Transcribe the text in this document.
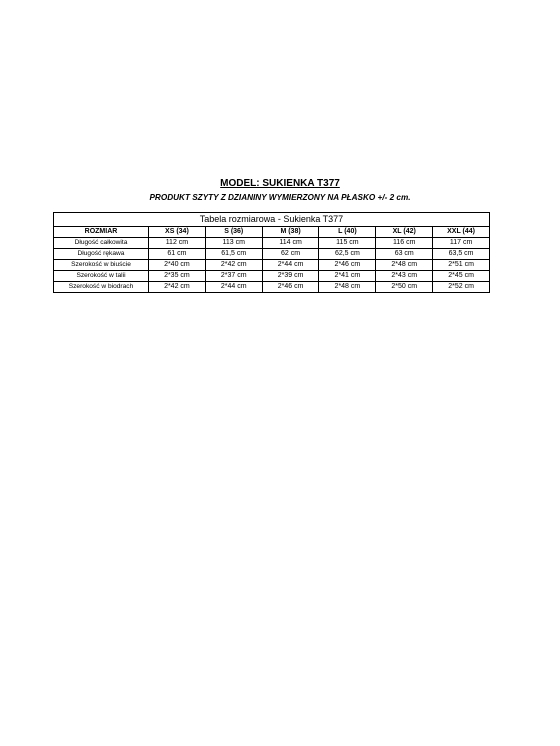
MODEL: SUKIENKA T377
PRODUKT SZYTY Z DZIANINY WYMIERZONY NA PŁASKO +/- 2 cm.
Tabela rozmiarowa - Sukienka T377						
ROZMIAR	XS (34)	S (36)	M (38)	L (40)	XL (42)	XXL (44)
Długość całkowita	112 cm	113 cm	114 cm	115 cm	116 cm	117 cm
Długość rękawa	61 cm	61,5 cm	62 cm	62,5 cm	63 cm	63,5 cm
Szerokość w biuście	2*40 cm	2*42 cm	2*44 cm	2*46 cm	2*48 cm	2*51 cm
Szerokość w talii	2*35 cm	2*37 cm	2*39 cm	2*41 cm	2*43 cm	2*45 cm
Szerokość w biodrach	2*42 cm	2*44 cm	2*46 cm	2*48 cm	2*50 cm	2*52 cm
